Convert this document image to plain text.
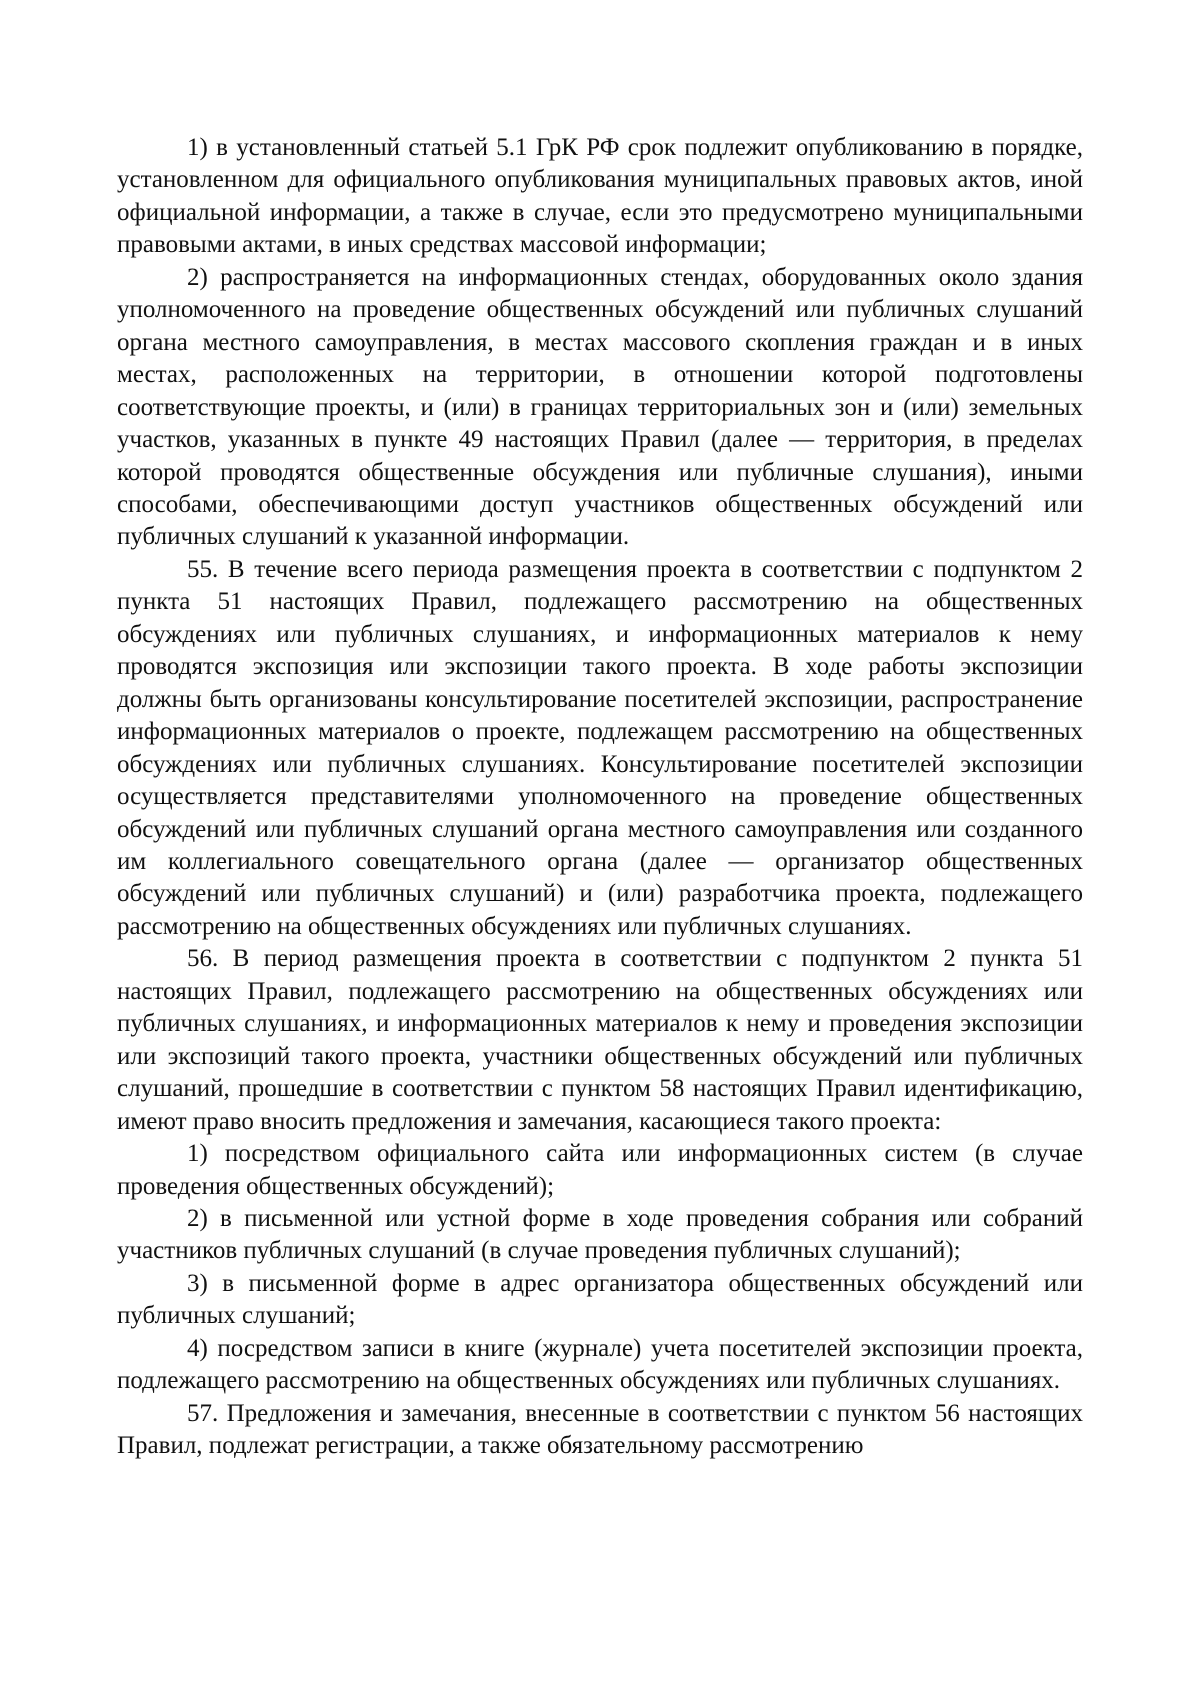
1) в установленный статьей 5.1 ГрК РФ срок подлежит опубликованию в порядке, установленном для официального опубликования муниципальных правовых актов, иной официальной информации, а также в случае, если это предусмотрено муниципальными правовыми актами, в иных средствах массовой информации;

2) распространяется на информационных стендах, оборудованных около здания уполномоченного на проведение общественных обсуждений или публичных слушаний органа местного самоуправления, в местах массового скопления граждан и в иных местах, расположенных на территории, в отношении которой подготовлены соответствующие проекты, и (или) в границах территориальных зон и (или) земельных участков, указанных в пункте 49 настоящих Правил (далее — территория, в пределах которой проводятся общественные обсуждения или публичные слушания), иными способами, обеспечивающими доступ участников общественных обсуждений или публичных слушаний к указанной информации.

55. В течение всего периода размещения проекта в соответствии с подпунктом 2 пункта 51 настоящих Правил, подлежащего рассмотрению на общественных обсуждениях или публичных слушаниях, и информационных материалов к нему проводятся экспозиция или экспозиции такого проекта. В ходе работы экспозиции должны быть организованы консультирование посетителей экспозиции, распространение информационных материалов о проекте, подлежащем рассмотрению на общественных обсуждениях или публичных слушаниях. Консультирование посетителей экспозиции осуществляется представителями уполномоченного на проведение общественных обсуждений или публичных слушаний органа местного самоуправления или созданного им коллегиального совещательного органа (далее — организатор общественных обсуждений или публичных слушаний) и (или) разработчика проекта, подлежащего рассмотрению на общественных обсуждениях или публичных слушаниях.

56. В период размещения проекта в соответствии с подпунктом 2 пункта 51 настоящих Правил, подлежащего рассмотрению на общественных обсуждениях или публичных слушаниях, и информационных материалов к нему и проведения экспозиции или экспозиций такого проекта, участники общественных обсуждений или публичных слушаний, прошедшие в соответствии с пунктом 58 настоящих Правил идентификацию, имеют право вносить предложения и замечания, касающиеся такого проекта:

1) посредством официального сайта или информационных систем (в случае проведения общественных обсуждений);

2) в письменной или устной форме в ходе проведения собрания или собраний участников публичных слушаний (в случае проведения публичных слушаний);

3) в письменной форме в адрес организатора общественных обсуждений или публичных слушаний;

4) посредством записи в книге (журнале) учета посетителей экспозиции проекта, подлежащего рассмотрению на общественных обсуждениях или публичных слушаниях.

57. Предложения и замечания, внесенные в соответствии с пунктом 56 настоящих Правил, подлежат регистрации, а также обязательному рассмотрению
